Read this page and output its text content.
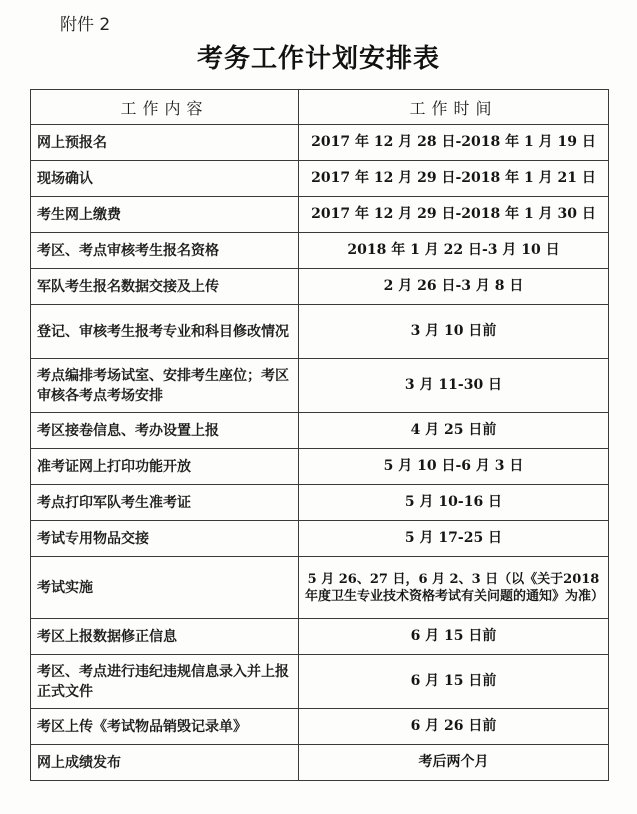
附件 2
考务工作计划安排表
工作内容	工作时间
网上预报名	2017 年 12 月 28 日-2018 年 1 月 19 日
现场确认	2017 年 12 月 29 日-2018 年 1 月 21 日
考生网上缴费	2017 年 12 月 29 日-2018 年 1 月 30 日
考区、考点审核考生报名资格	2018 年 1 月 22 日-3 月 10 日
军队考生报名数据交接及上传	2 月 26 日-3 月 8 日
登记、审核考生报考专业和科目修改情况	3 月 10 日前
考点编排考场试室、安排考生座位；考区审核各考点考场安排	3 月 11-30 日
考区接卷信息、考办设置上报	4 月 25 日前
准考证网上打印功能开放	5 月 10 日-6 月 3 日
考点打印军队考生准考证	5 月 10-16 日
考试专用物品交接	5 月 17-25 日
考试实施	5 月 26、27 日，6 月 2、3 日（以《关于2018 年度卫生专业技术资格考试有关问题的通知》为准）
考区上报数据修正信息	6 月 15 日前
考区、考点进行违纪违规信息录入并上报正式文件	6 月 15 日前
考区上传《考试物品销毁记录单》	6 月 26 日前
网上成绩发布	考后两个月
